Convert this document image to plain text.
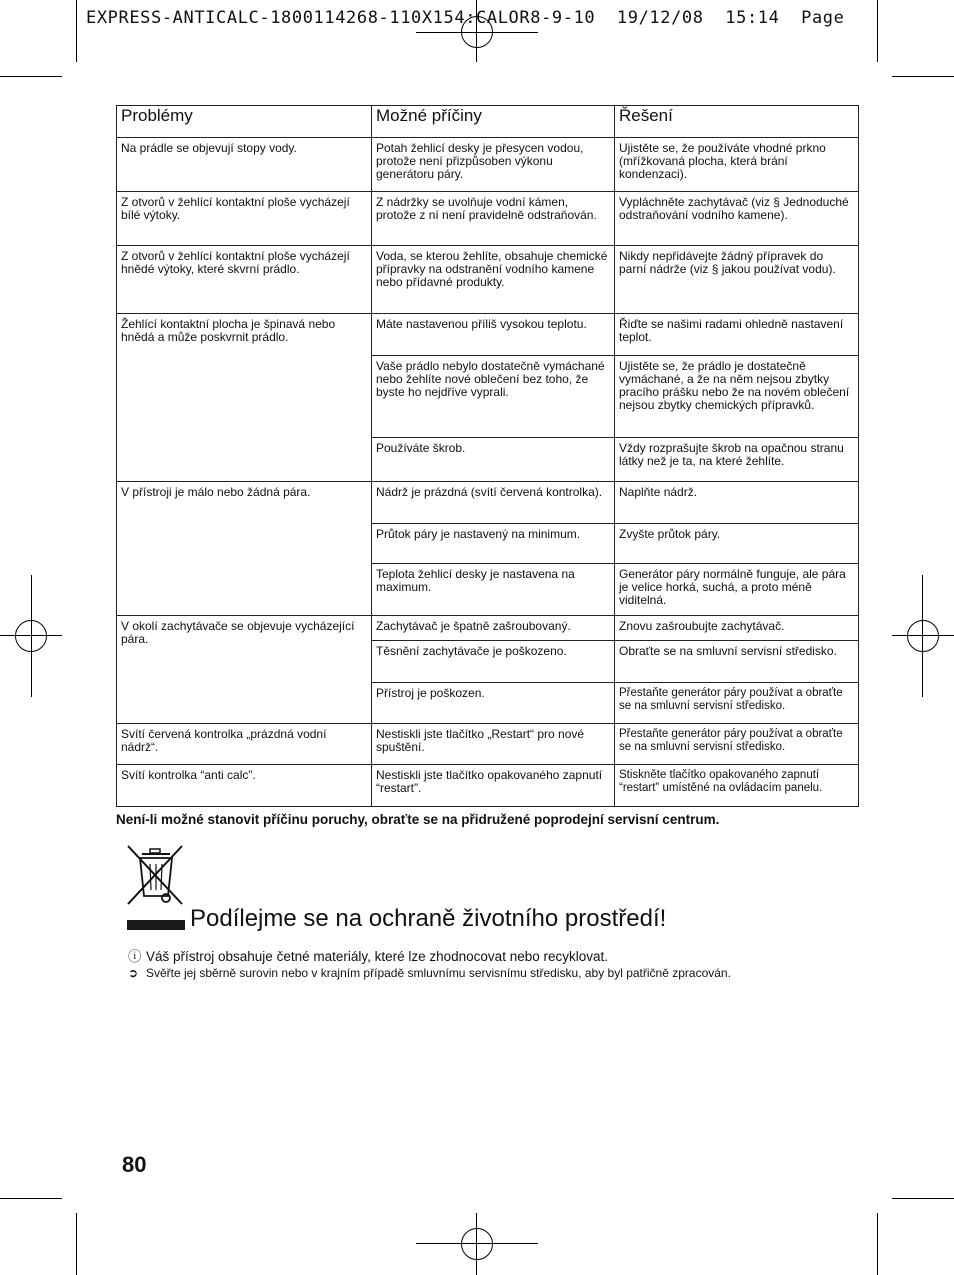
EXPRESS-ANTICALC-1800114268-110X154:CALOR8-9-10 19/12/08 15:14 Page
Problémy	Možné příčiny	Řešení
Na prádle se objevují stopy vody.	Potah žehlicí desky je přesycen vodou, protože není přizpůsoben výkonu generátoru páry.	Ujistěte se, že používáte vhodné prkno (mřížkovaná plocha, která brání kondenzaci).
Z otvorů v žehlící kontaktní ploše vycházejí bílé výtoky.	Z nádržky se uvolňuje vodní kámen, protože z ní není pravidelně odstraňován.	Vypláchněte zachytávač (viz § Jednoduché odstraňování vodního kamene).
Z otvorů v žehlící kontaktní ploše vycházejí hnědé výtoky, které skvrní prádlo.	Voda, se kterou žehlíte, obsahuje chemické přípravky na odstranění vodního kamene nebo přídavné produkty.	Nikdy nepřidávejte žádný přípravek do parní nádrže (viz § jakou používat vodu).
Žehlící kontaktní plocha je špinavá nebo hnědá a může poskvrnit prádlo.	Máte nastavenou příliš vysokou teplotu.	Řiďte se našimi radami ohledně nastavení teplot.
	Vaše prádlo nebylo dostatečně vymáchané nebo žehlíte nové oblečení bez toho, že byste ho nejdříve vyprali.	Ujistěte se, že prádlo je dostatečně vymáchané, a že na něm nejsou zbytky pracího prášku nebo že na novém oblečení nejsou zbytky chemických přípravků.
	Používáte škrob.	Vždy rozprašujte škrob na opačnou stranu látky než je ta, na které žehlíte.
V přístroji je málo nebo žádná pára.	Nádrž je prázdná (svítí červená kontrolka).	Naplňte nádrž.
	Průtok páry je nastavený na minimum.	Zvyšte průtok páry.
	Teplota žehlicí desky je nastavena na maximum.	Generátor páry normálně funguje, ale pára je velice horká, suchá, a proto méně viditelná.
V okolí zachytávače se objevuje vycházející pára.	Zachytávač je špatně zašroubovaný.	Znovu zašroubujte zachytávač.
	Těsnění zachytávače je poškozeno.	Obraťte se na smluvní servisní středisko.
	Přístroj je poškozen.	Přestaňte generátor páry používat a obraťte se na smluvní servisní středisko.
Svítí červená kontrolka „prázdná vodní nádrž“.	Nestiskli jste tlačítko „Restart“ pro nové spuštění.	Přestaňte generátor páry používat a obraťte se na smluvní servisní středisko.
Svítí kontrolka “anti calc”.	Nestiskli jste tlačítko opakovaného zapnutí “restart”.	Stiskněte tlačítko opakovaného zapnutí “restart” umístěné na ovládacím panelu.
Není-li možné stanovit příčinu poruchy, obraťte se na přidružené poprodejní servisní centrum.
Podílejme se na ochraně životního prostředí!
ⓘ Váš přístroj obsahuje četné materiály, které lze zhodnocovat nebo recyklovat.
➲ Svěřte jej sběrně surovin nebo v krajním případě smluvnímu servisnímu středisku, aby byl patřičně zpracován.
80
